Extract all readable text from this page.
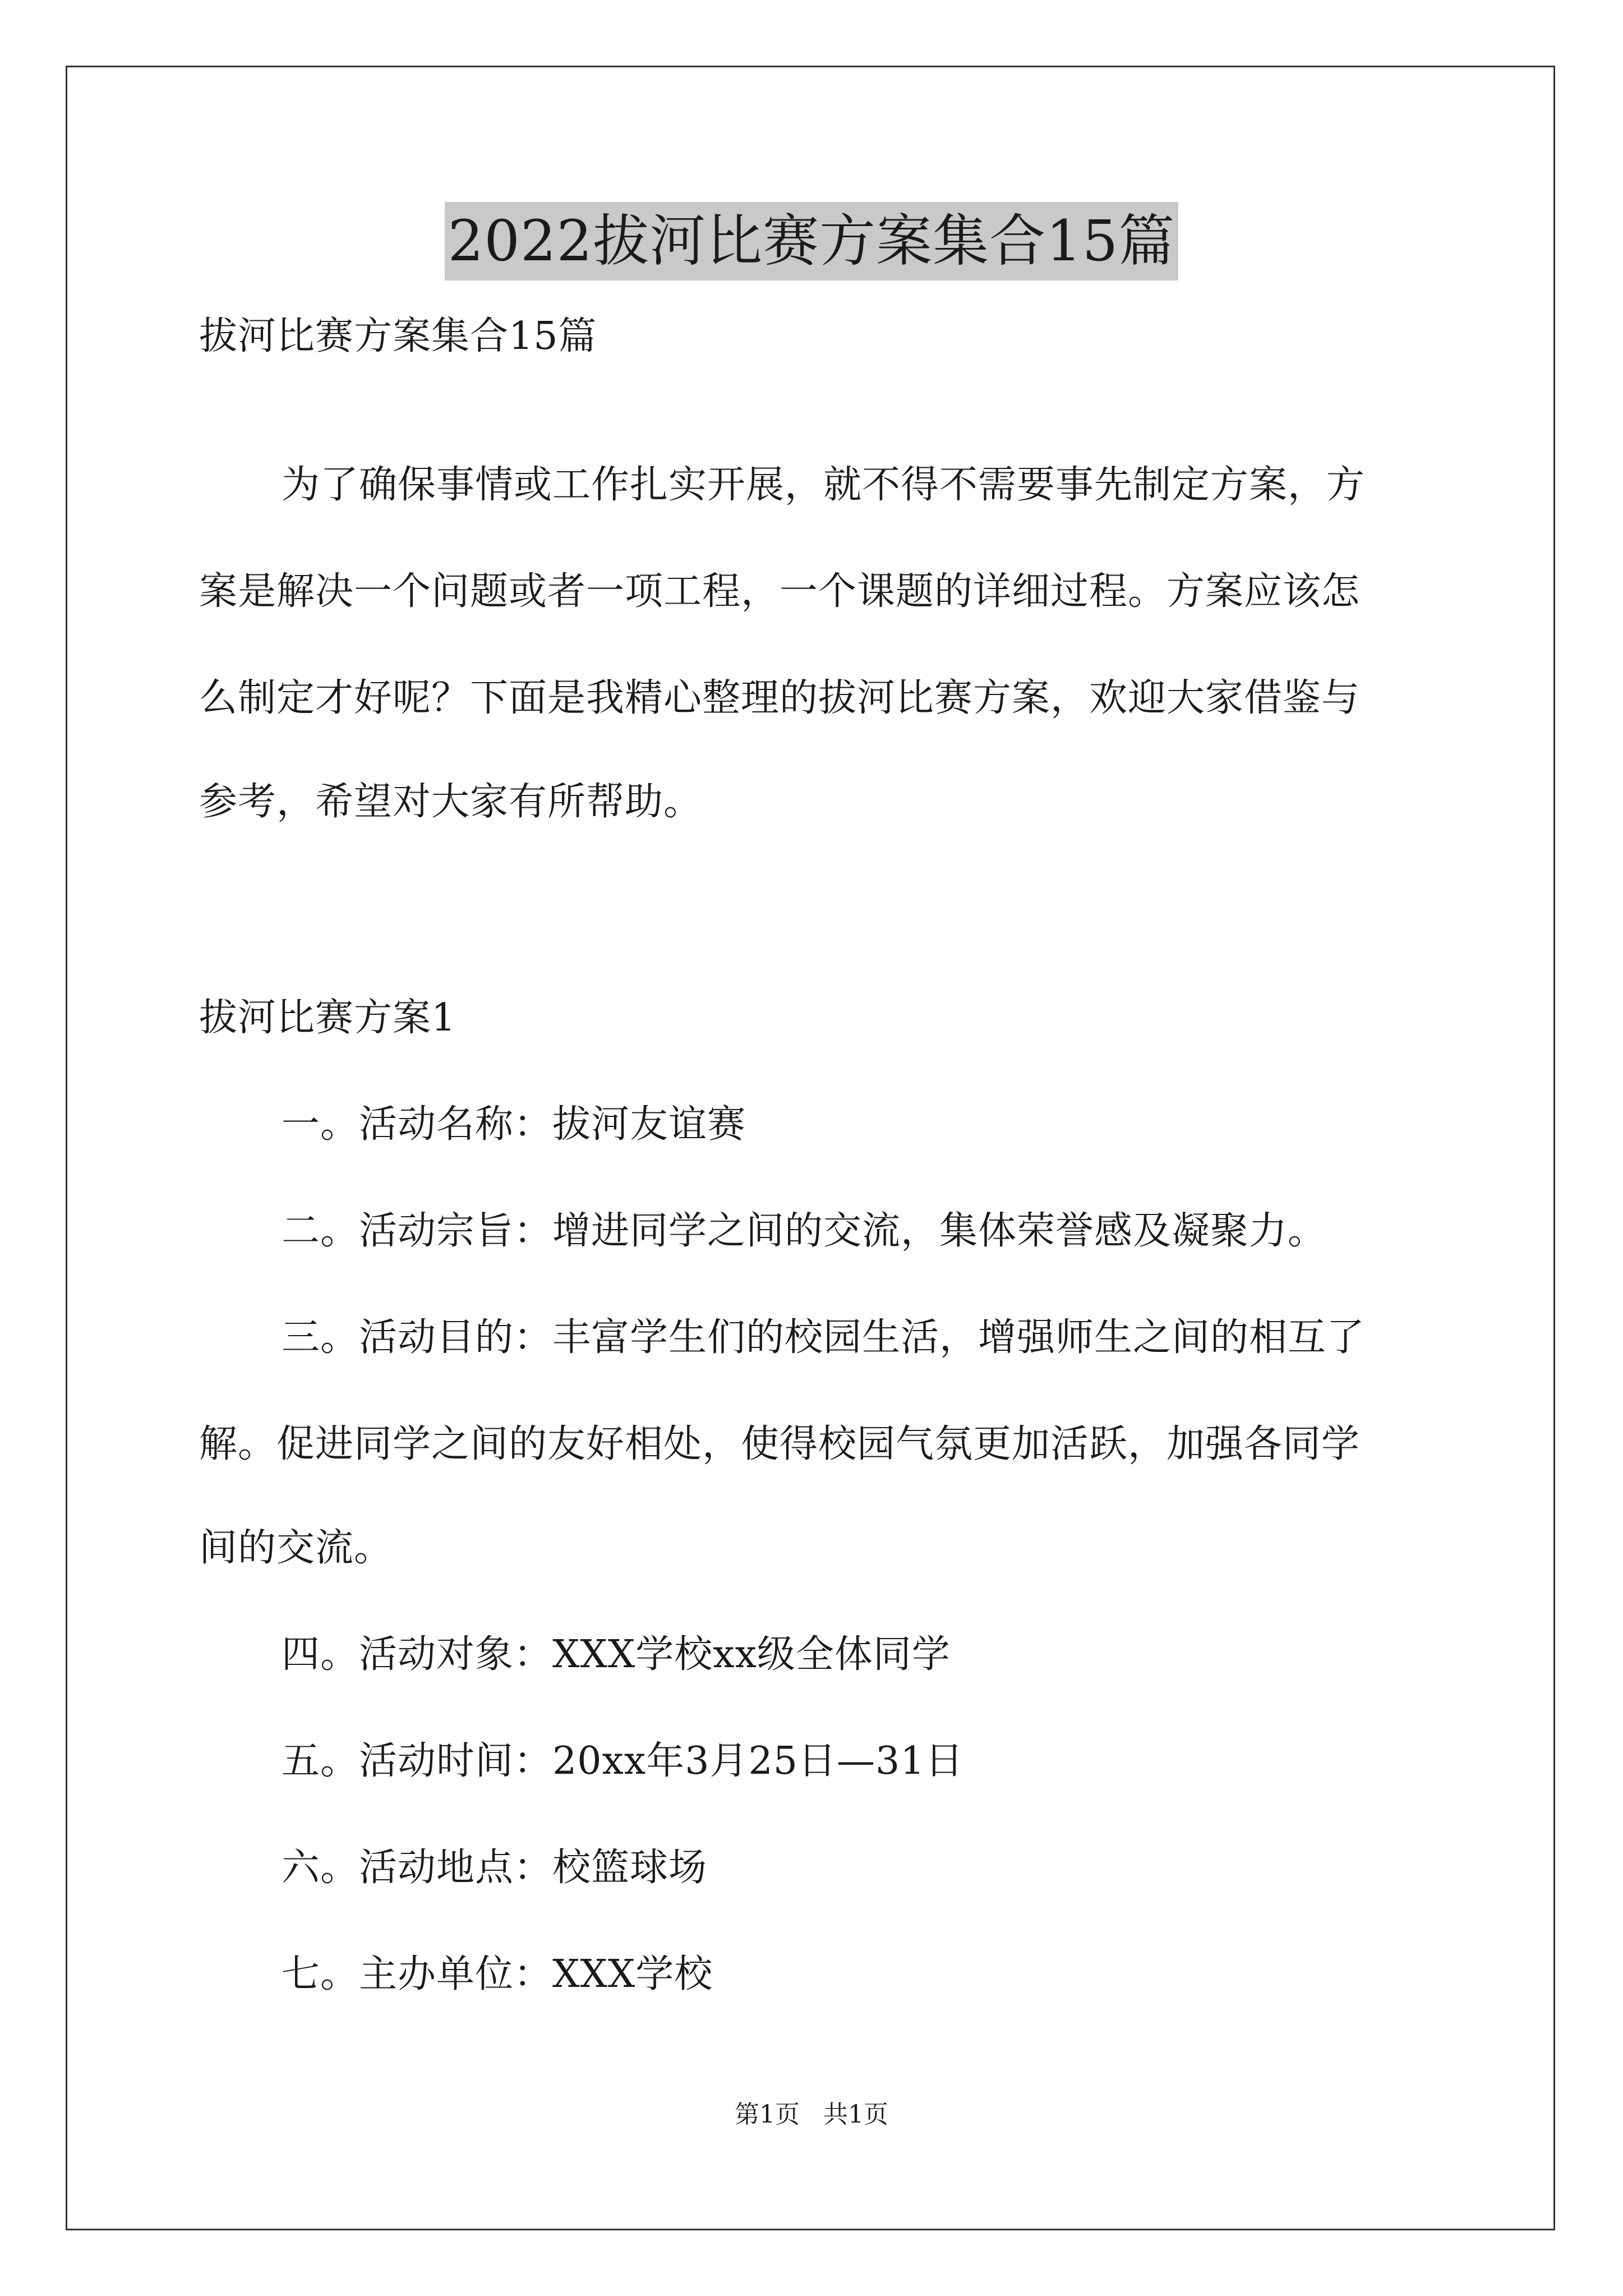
2022拔河比赛方案集合15篇
拔河比赛方案集合15篇
为了确保事情或工作扎实开展，就不得不需要事先制定方案，方
案是解决一个问题或者一项工程，一个课题的详细过程。方案应该怎
么制定才好呢？下面是我精心整理的拔河比赛方案，欢迎大家借鉴与
参考，希望对大家有所帮助。
拔河比赛方案1
一。活动名称：拔河友谊赛
二。活动宗旨：增进同学之间的交流，集体荣誉感及凝聚力。
三。活动目的：丰富学生们的校园生活，增强师生之间的相互了
解。促进同学之间的友好相处，使得校园气氛更加活跃，加强各同学
间的交流。
四。活动对象：XXX学校xx级全体同学
五。活动时间：20xx年3月25日—31日
六。活动地点：校篮球场
七。主办单位：XXX学校
第1页   共1页
